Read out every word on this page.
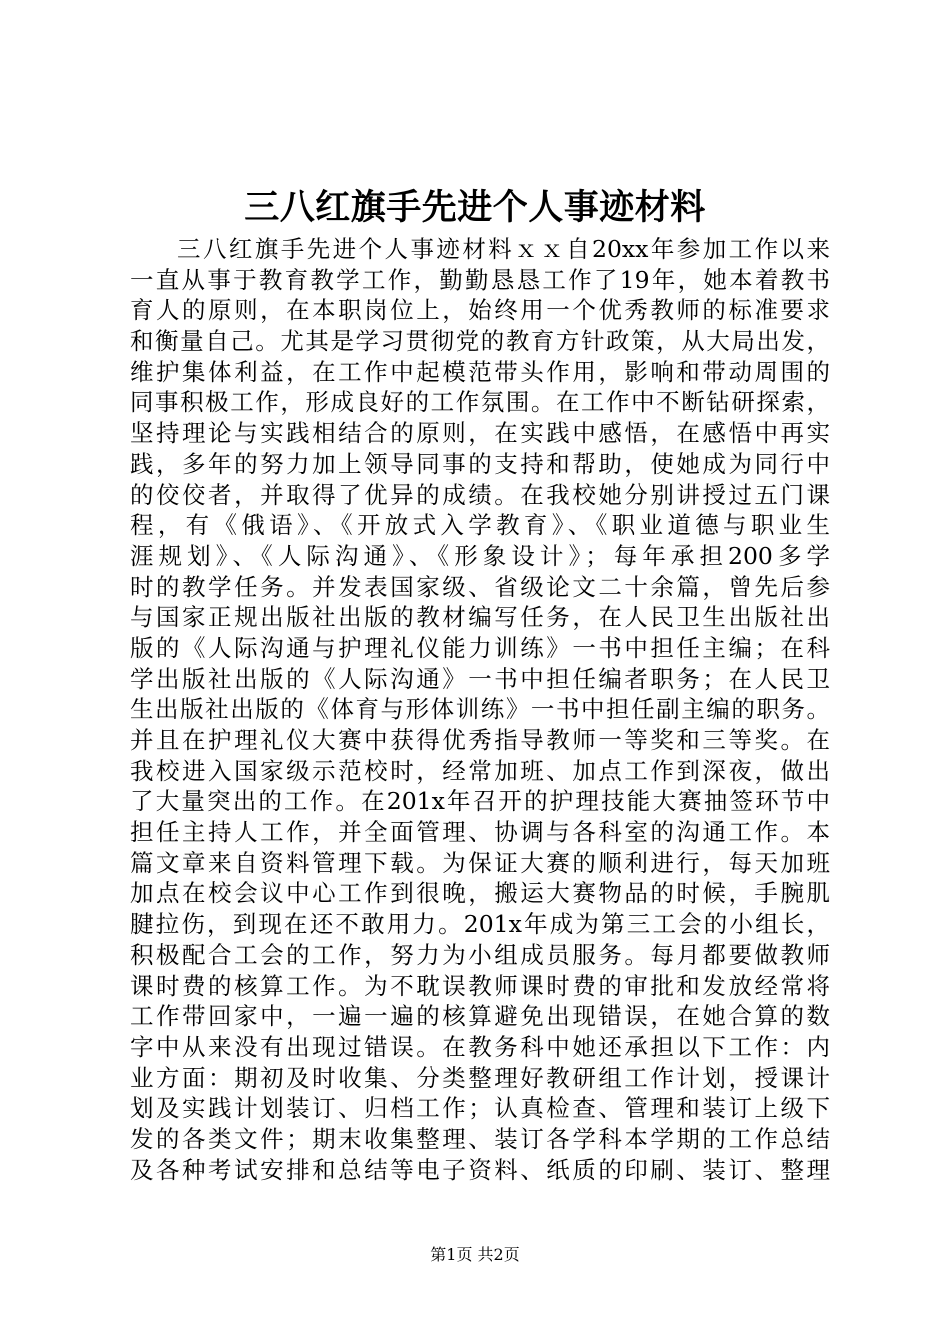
三八红旗手先进个人事迹材料
三八红旗手先进个人事迹材料ｘｘ自20xx年参加工作以来
一直从事于教育教学工作，勤勤恳恳工作了19年，她本着教书
育人的原则，在本职岗位上，始终用一个优秀教师的标准要求
和衡量自己。尤其是学习贯彻党的教育方针政策，从大局出发，
维护集体利益，在工作中起模范带头作用，影响和带动周围的
同事积极工作，形成良好的工作氛围。在工作中不断钻研探索，
坚持理论与实践相结合的原则，在实践中感悟，在感悟中再实
践，多年的努力加上领导同事的支持和帮助，使她成为同行中
的佼佼者，并取得了优异的成绩。在我校她分别讲授过五门课
程，有《俄语》、《开放式入学教育》、《职业道德与职业生
涯规划》、《人际沟通》、《形象设计》；每年承担200多学
时的教学任务。并发表国家级、省级论文二十余篇，曾先后参
与国家正规出版社出版的教材编写任务，在人民卫生出版社出
版的《人际沟通与护理礼仪能力训练》一书中担任主编；在科
学出版社出版的《人际沟通》一书中担任编者职务；在人民卫
生出版社出版的《体育与形体训练》一书中担任副主编的职务。
并且在护理礼仪大赛中获得优秀指导教师一等奖和三等奖。在
我校进入国家级示范校时，经常加班、加点工作到深夜，做出
了大量突出的工作。在201x年召开的护理技能大赛抽签环节中
担任主持人工作，并全面管理、协调与各科室的沟通工作。本
篇文章来自资料管理下载。为保证大赛的顺利进行，每天加班
加点在校会议中心工作到很晚，搬运大赛物品的时候，手腕肌
腱拉伤，到现在还不敢用力。201x年成为第三工会的小组长，
积极配合工会的工作，努力为小组成员服务。每月都要做教师
课时费的核算工作。为不耽误教师课时费的审批和发放经常将
工作带回家中，一遍一遍的核算避免出现错误，在她合算的数
字中从来没有出现过错误。在教务科中她还承担以下工作：内
业方面：期初及时收集、分类整理好教研组工作计划，授课计
划及实践计划装订、归档工作；认真检查、管理和装订上级下
发的各类文件；期末收集整理、装订各学科本学期的工作总结
及各种考试安排和总结等电子资料、纸质的印刷、装订、整理
第1页 共2页
